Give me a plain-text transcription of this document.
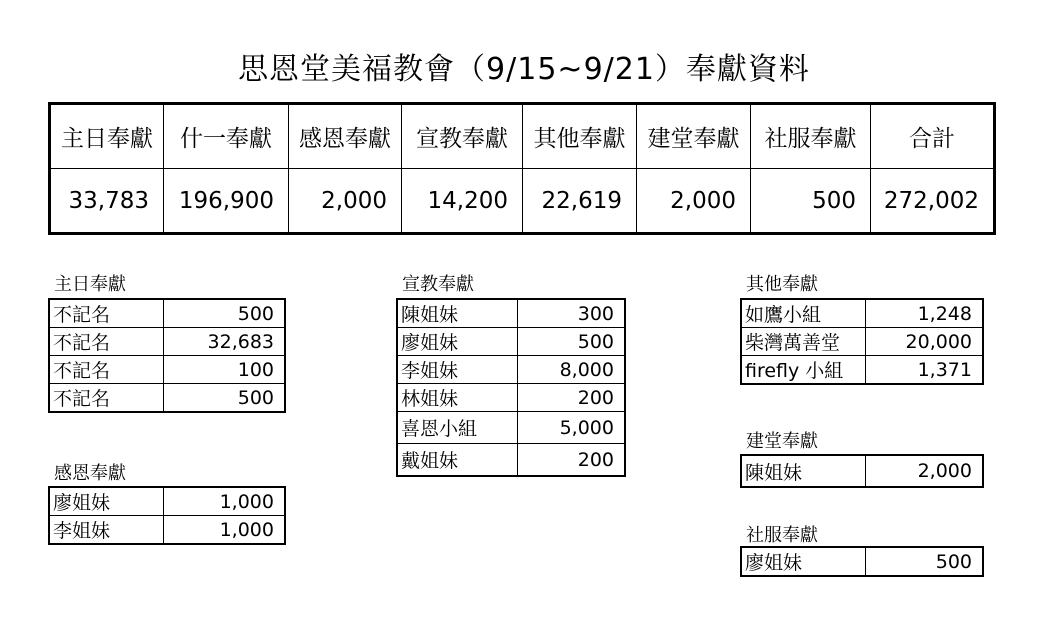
思恩堂美福教會（9/15~9/21）奉獻資料
主日奉獻	什一奉獻	感恩奉獻	宣教奉獻	其他奉獻	建堂奉獻	社服奉獻	合計
33,783	196,900	2,000	14,200	22,619	2,000	500	272,002
主日奉獻
不記名	500
不記名	32,683
不記名	100
不記名	500
感恩奉獻
廖姐妹	1,000
李姐妹	1,000
宣教奉獻
陳姐妹	300
廖姐妹	500
李姐妹	8,000
林姐妹	200
喜恩小組	5,000
戴姐妹	200
其他奉獻
如鷹小組	1,248
柴灣萬善堂	20,000
firefly 小組	1,371
建堂奉獻
陳姐妹	2,000
社服奉獻
廖姐妹	500
